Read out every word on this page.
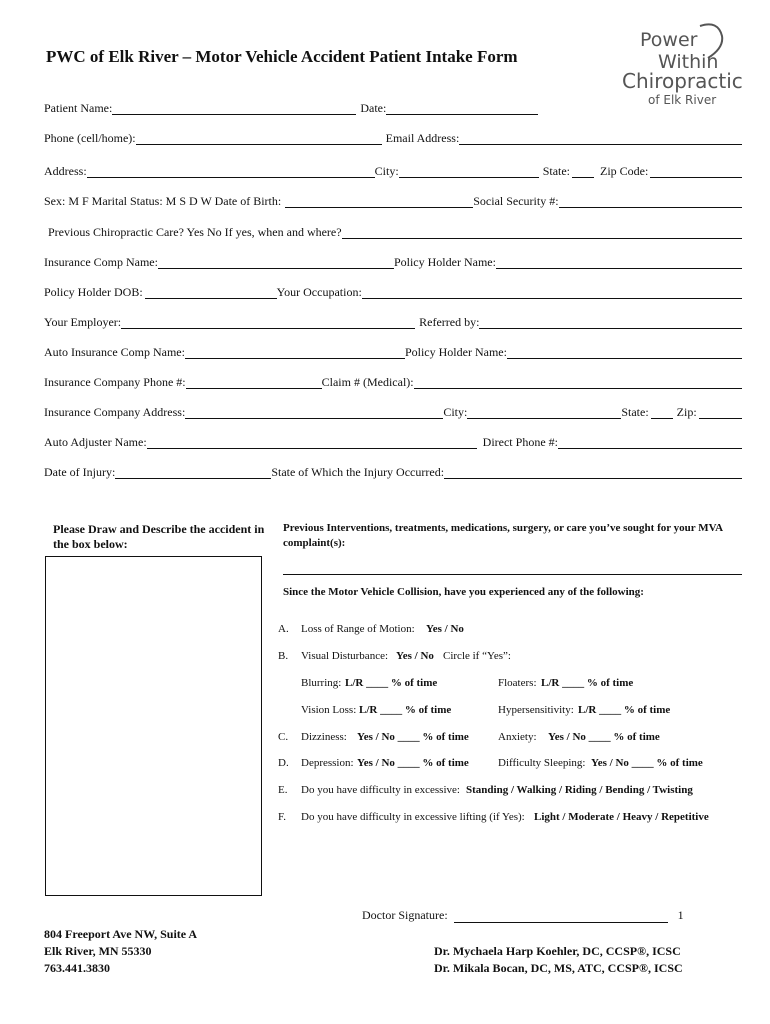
PWC of Elk River – Motor Vehicle Accident Patient Intake Form
Power
Within
Chiropractic
of Elk River
Patient Name:	Date:
Phone (cell/home):	Email Address:
Address:	City:	State:	Zip Code:
Sex: M F Marital Status: M S D W Date of Birth:	Social Security #:
Previous Chiropractic Care? Yes No If yes, when and where?
Insurance Comp Name:	Policy Holder Name:
Policy Holder DOB:	Your Occupation:
Your Employer:	Referred by:
Auto Insurance Comp Name:	Policy Holder Name:
Insurance Company Phone #:	Claim # (Medical):
Insurance Company Address:	City:	State: Zip:
Auto Adjuster Name:	Direct Phone #:
Date of Injury:	State of Which the Injury Occurred:
Please Draw and Describe the accident in the box below:
Previous Interventions, treatments, medications, surgery, or care you’ve sought for your MVA complaint(s):
Since the Motor Vehicle Collision, have you experienced any of the following:
A. Loss of Range of Motion: Yes / No
B. Visual Disturbance: Yes / No Circle if “Yes”:
Blurring: L/R ____ % of time	Floaters: L/R ____ % of time
Vision Loss: L/R ____ % of time	Hypersensitivity: L/R ____ % of time
C. Dizziness: Yes / No ____ % of time	Anxiety: Yes / No ____ % of time
D. Depression: Yes / No ____ % of time	Difficulty Sleeping: Yes / No ____ % of time
E. Do you have difficulty in excessive: Standing / Walking / Riding / Bending / Twisting
F. Do you have difficulty in excessive lifting (if Yes): Light / Moderate / Heavy / Repetitive
Doctor Signature:	1
804 Freeport Ave NW, Suite A
Elk River, MN 55330
763.441.3830
Dr. Mychaela Harp Koehler, DC, CCSP®, ICSC
Dr. Mikala Bocan, DC, MS, ATC, CCSP®, ICSC
